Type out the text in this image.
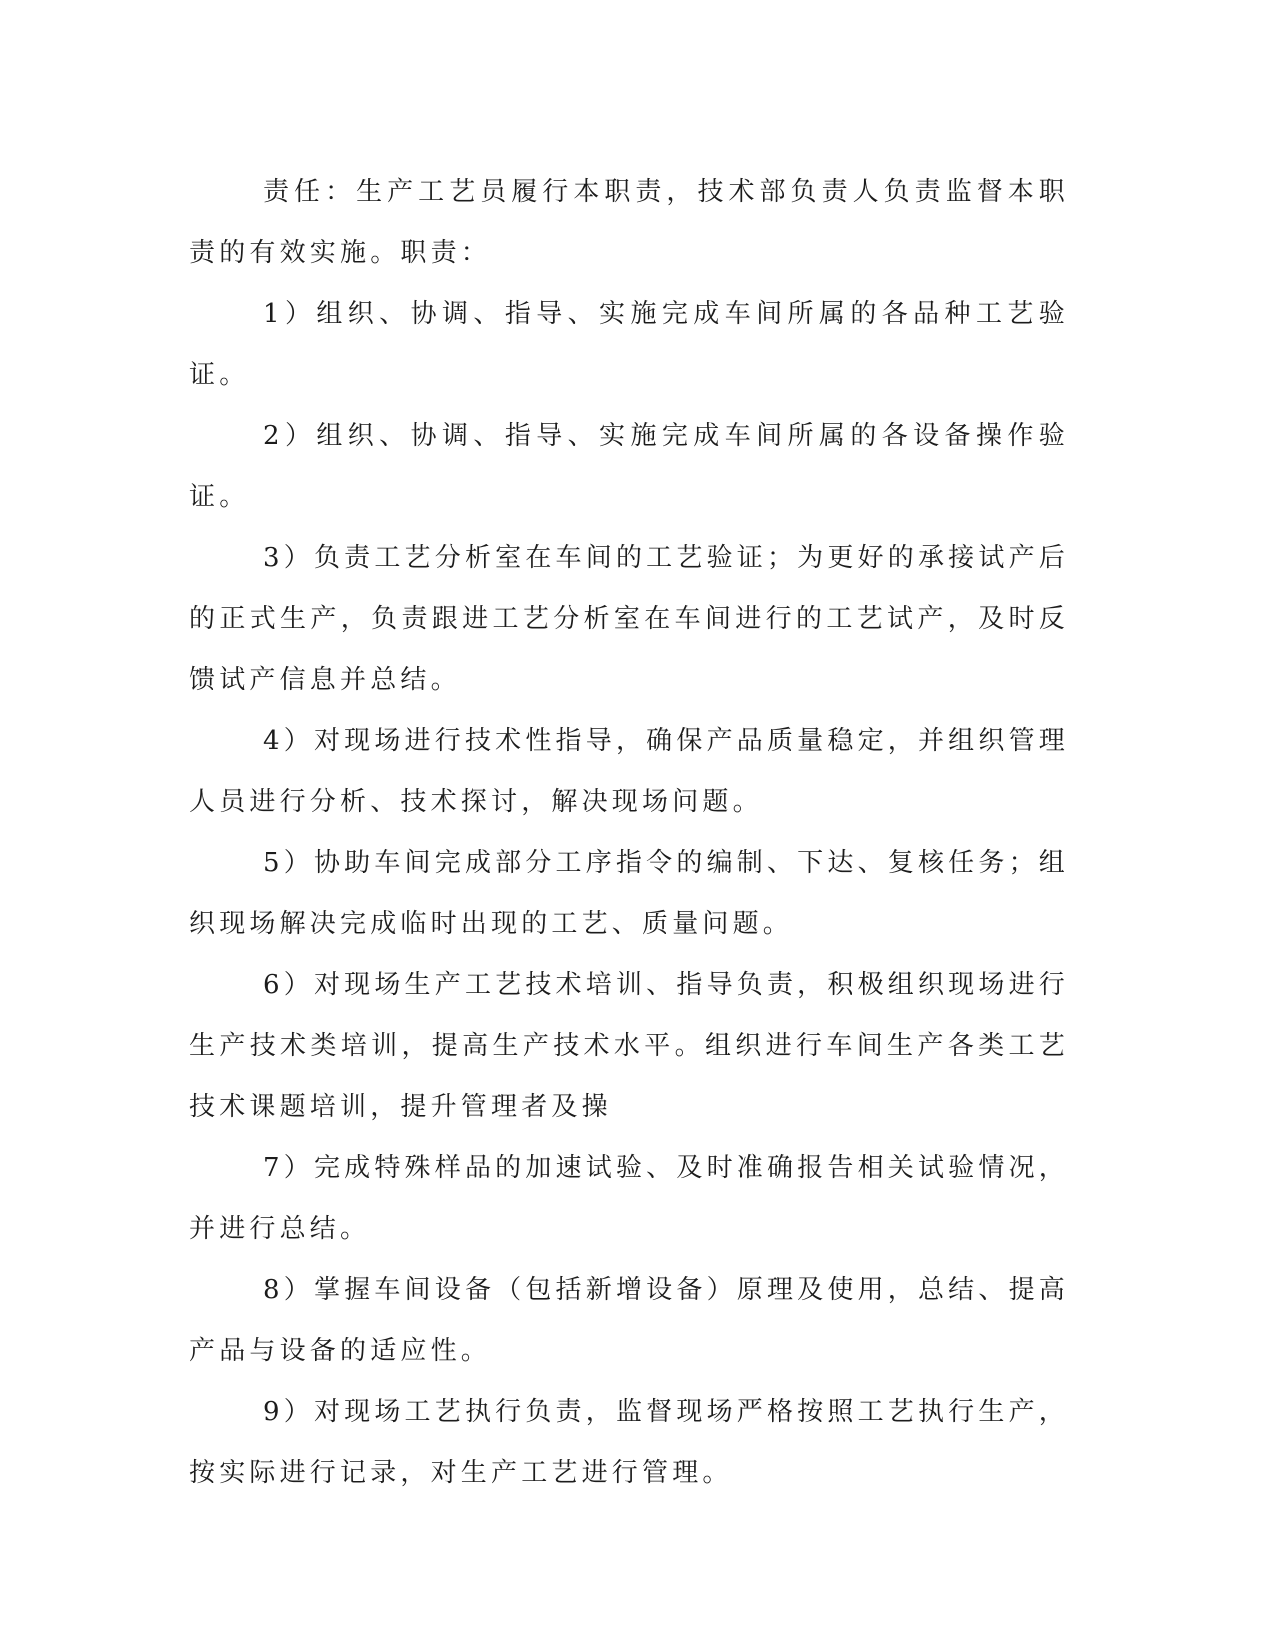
责任：生产工艺员履行本职责，技术部负责人负责监督本职责的有效实施。职责：

1）组织、协调、指导、实施完成车间所属的各品种工艺验证。

2）组织、协调、指导、实施完成车间所属的各设备操作验证。

3）负责工艺分析室在车间的工艺验证；为更好的承接试产后的正式生产，负责跟进工艺分析室在车间进行的工艺试产，及时反馈试产信息并总结。

4）对现场进行技术性指导，确保产品质量稳定，并组织管理人员进行分析、技术探讨，解决现场问题。

5）协助车间完成部分工序指令的编制、下达、复核任务；组织现场解决完成临时出现的工艺、质量问题。

6）对现场生产工艺技术培训、指导负责，积极组织现场进行生产技术类培训，提高生产技术水平。组织进行车间生产各类工艺技术课题培训，提升管理者及操

7）完成特殊样品的加速试验、及时准确报告相关试验情况，并进行总结。

8）掌握车间设备（包括新增设备）原理及使用，总结、提高产品与设备的适应性。

9）对现场工艺执行负责，监督现场严格按照工艺执行生产，按实际进行记录，对生产工艺进行管理。
